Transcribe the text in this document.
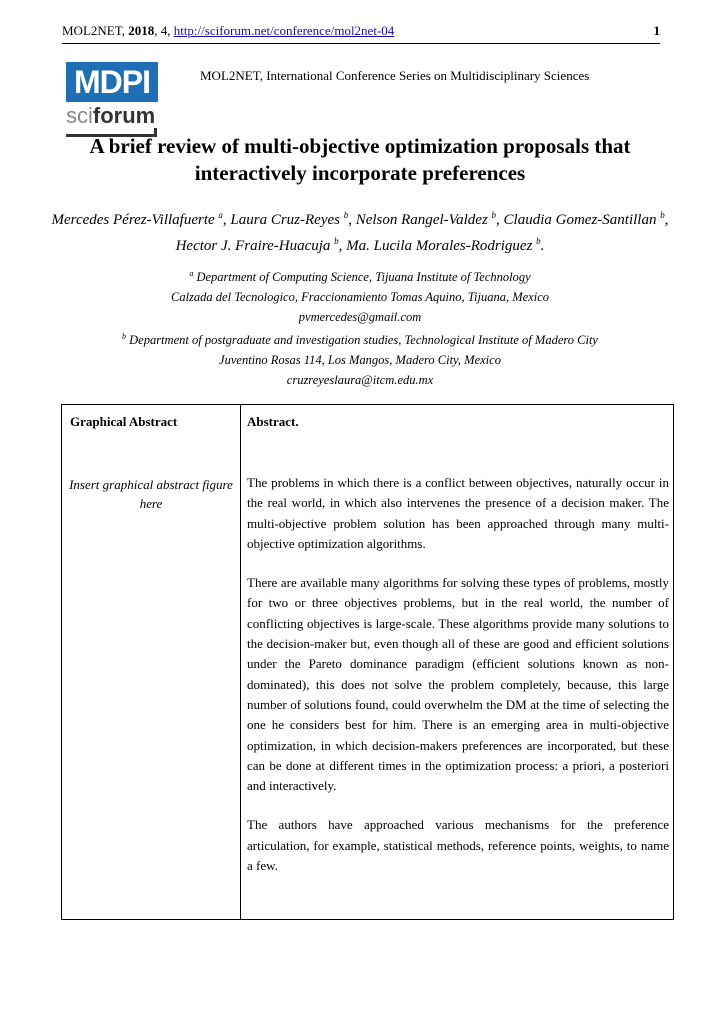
MOL2NET, 2018, 4, http://sciforum.net/conference/mol2net-04	1
MDPI
sciforum
MOL2NET, International Conference Series on Multidisciplinary Sciences
A brief review of multi-objective optimization proposals that interactively incorporate preferences
Mercedes Pérez-Villafuerte $^a$, Laura Cruz-Reyes $^b$, Nelson Rangel-Valdez $^b$, Claudia Gomez-Santillan $^b$, Hector J. Fraire-Huacuja $^b$, Ma. Lucila Morales-Rodriguez $^b$.
$^a$ Department of Computing Science, Tijuana Institute of Technology
Calzada del Tecnologico, Fraccionamiento Tomas Aquino, Tijuana, Mexico
pvmercedes@gmail.com
$^b$ Department of postgraduate and investigation studies, Technological Institute of Madero City
Juventino Rosas 114, Los Mangos, Madero City, Mexico
cruzreyeslaura@itcm.edu.mx
Graphical Abstract	Abstract.
Insert graphical abstract figure here

The problems in which there is a conflict between objectives, naturally occur in the real world, in which also intervenes the presence of a decision maker. The multi-objective problem solution has been approached through many multi-objective optimization algorithms.

There are available many algorithms for solving these types of problems, mostly for two or three objectives problems, but in the real world, the number of conflicting objectives is large-scale. These algorithms provide many solutions to the decision-maker but, even though all of these are good and efficient solutions under the Pareto dominance paradigm (efficient solutions known as non-dominated), this does not solve the problem completely, because, this large number of solutions found, could overwhelm the DM at the time of selecting the one he considers best for him. There is an emerging area in multi-objective optimization, in which decision-makers preferences are incorporated, but these can be done at different times in the optimization process: a priori, a posteriori and interactively.

The authors have approached various mechanisms for the preference articulation, for example, statistical methods, reference points, weights, to name a few.
